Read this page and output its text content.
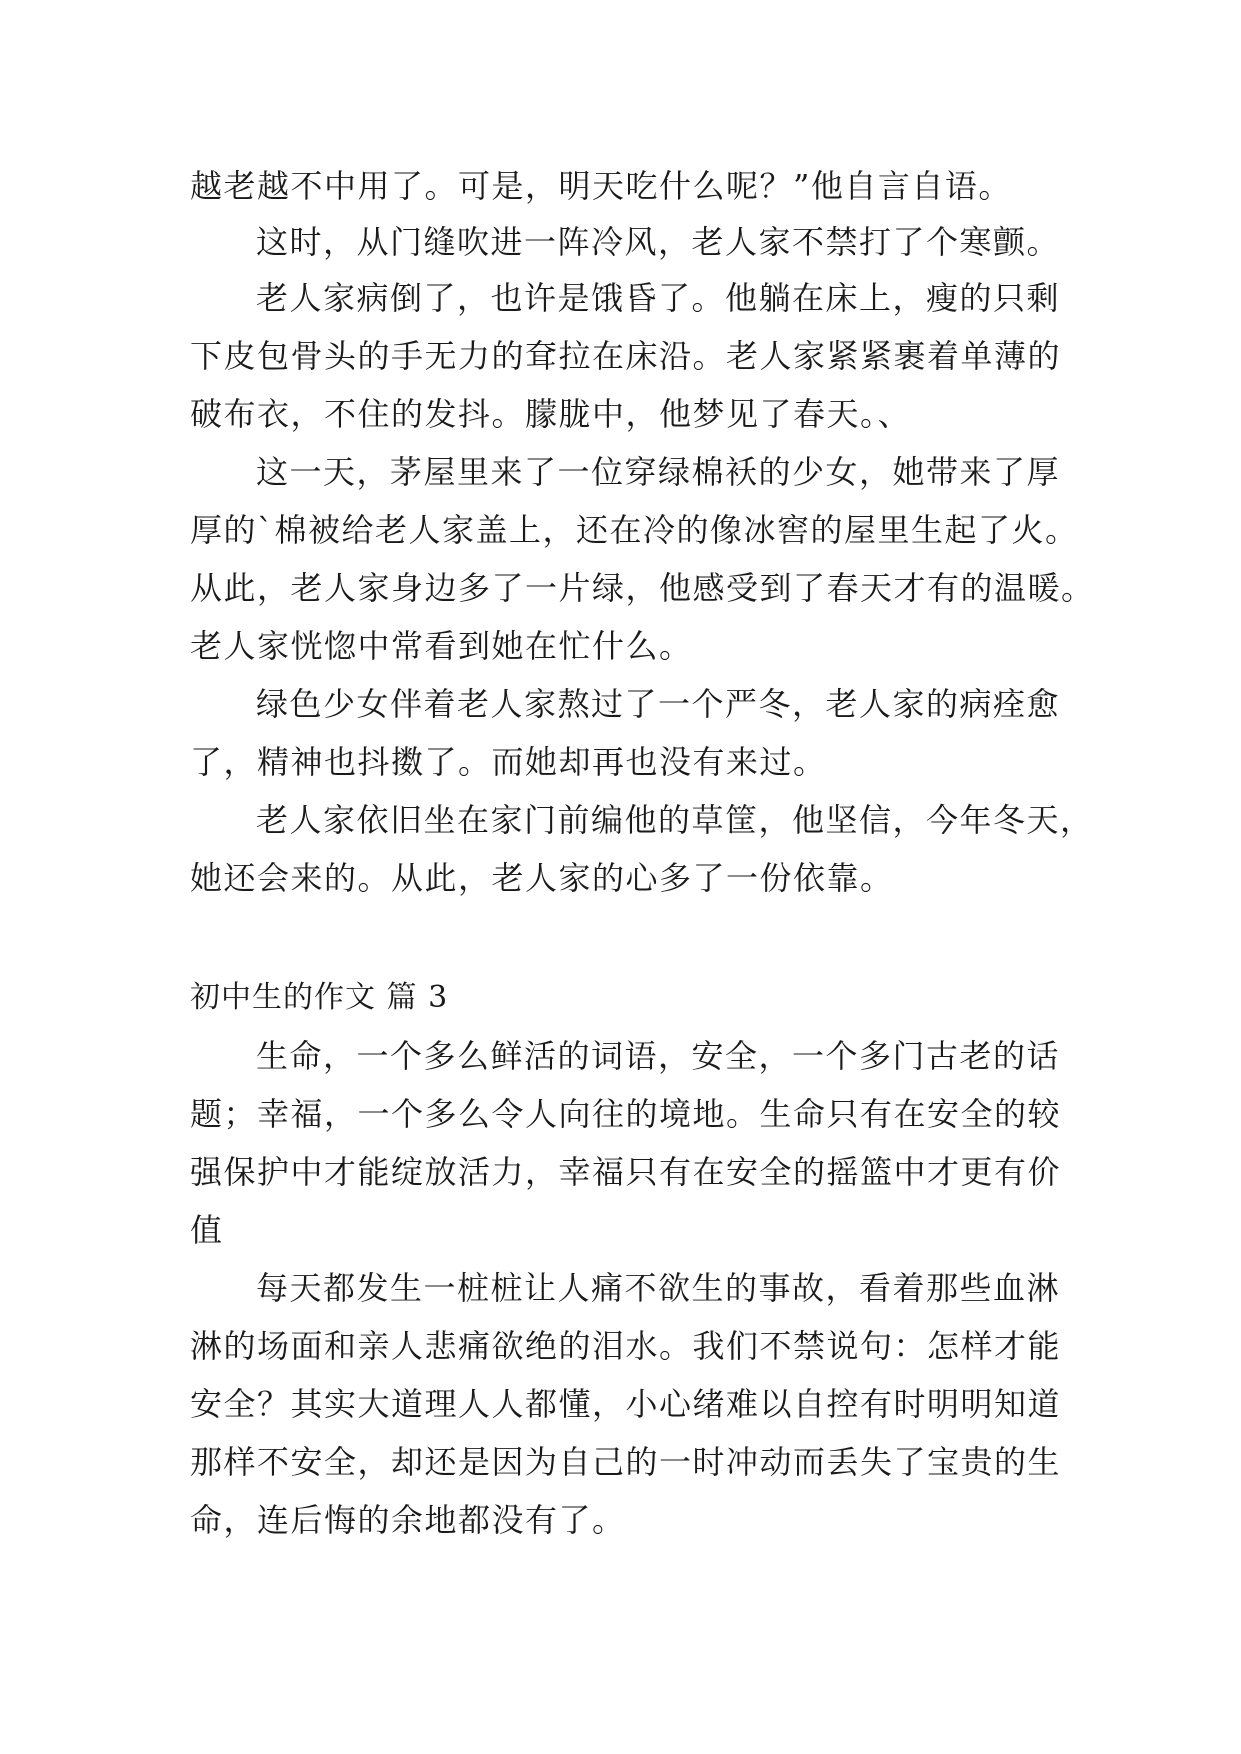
越老越不中用了。可是，明天吃什么呢？”他自言自语。
这时，从门缝吹进一阵冷风，老人家不禁打了个寒颤。
老人家病倒了，也许是饿昏了。他躺在床上，瘦的只剩
下皮包骨头的手无力的耷拉在床沿。老人家紧紧裹着单薄的
破布衣，不住的发抖。朦胧中，他梦见了春天。、
这一天，茅屋里来了一位穿绿棉袄的少女，她带来了厚
厚的`棉被给老人家盖上，还在冷的像冰窖的屋里生起了火。
从此，老人家身边多了一片绿，他感受到了春天才有的温暖。
老人家恍惚中常看到她在忙什么。
绿色少女伴着老人家熬过了一个严冬，老人家的病痊愈
了，精神也抖擞了。而她却再也没有来过。
老人家依旧坐在家门前编他的草筐，他坚信，今年冬天，
她还会来的。从此，老人家的心多了一份依靠。
初中生的作文 篇 3
生命，一个多么鲜活的词语，安全，一个多门古老的话
题；幸福，一个多么令人向往的境地。生命只有在安全的较
强保护中才能绽放活力，幸福只有在安全的摇篮中才更有价
值
每天都发生一桩桩让人痛不欲生的事故，看着那些血淋
淋的场面和亲人悲痛欲绝的泪水。我们不禁说句：怎样才能
安全？其实大道理人人都懂，小心绪难以自控有时明明知道
那样不安全，却还是因为自己的一时冲动而丢失了宝贵的生
命，连后悔的余地都没有了。
